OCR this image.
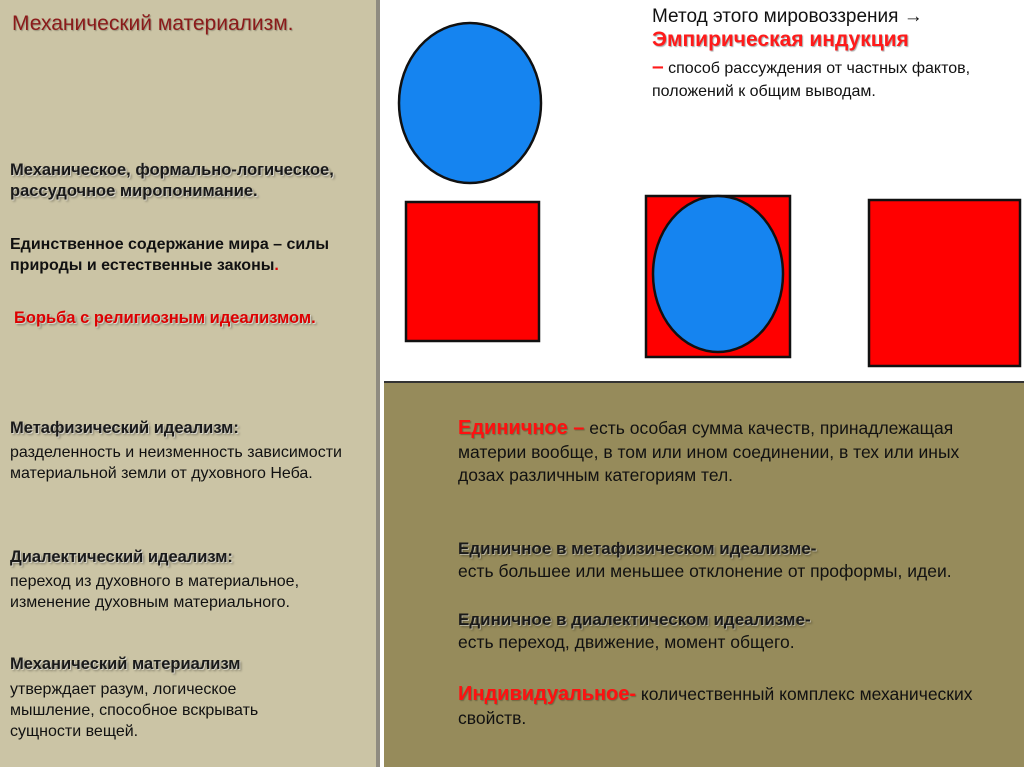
Механический материализм.
Механическое, формально-логическое, рассудочное миропонимание.
Единственное содержание мира – силы природы и естественные законы.
Борьба с религиозным идеализмом.
Метафизический идеализм:
разделенность и неизменность зависимости материальной земли от духовного Неба.
Диалектический идеализм:
переход из духовного в материальное, изменение духовным материального.
Механический материализм
утверждает разум, логическое мышление, способное вскрывать сущности вещей.
Метод этого мировоззрения →
Эмпирическая индукция
– способ рассуждения от частных фактов, положений к общим выводам.
Единичное – есть особая сумма качеств, принадлежащая материи вообще, в том или ином соединении, в тех или иных дозах различным категориям тел.
Единичное в метафизическом идеализме-
есть большее или меньшее отклонение от проформы, идеи.
Единичное в диалектическом идеализме-
есть переход, движение, момент общего.
Индивидуальное- количественный комплекс механических свойств.
